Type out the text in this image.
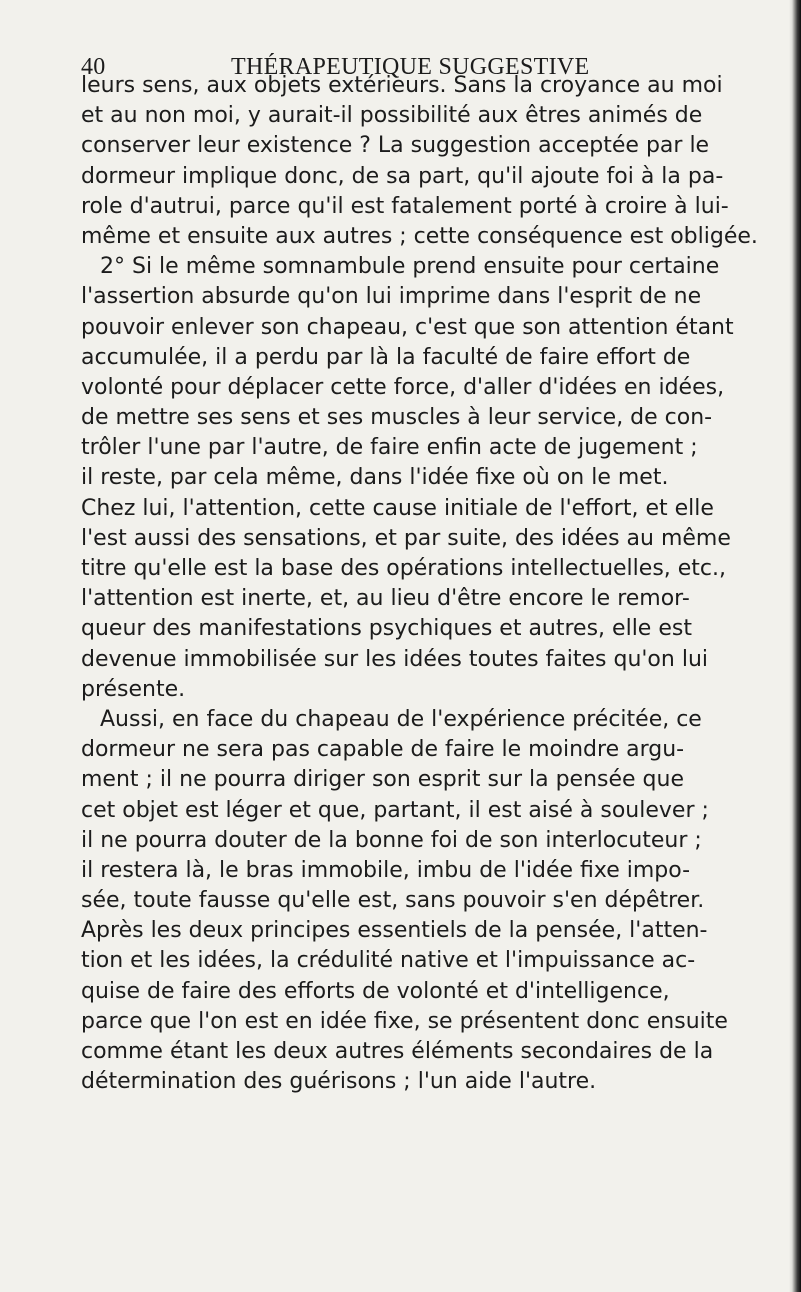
40	THÉRAPEUTIQUE SUGGESTIVE
leurs sens, aux objets extérieurs. Sans la croyance au moi
et au non moi, y aurait-il possibilité aux êtres animés de
conserver leur existence ? La suggestion acceptée par le
dormeur implique donc, de sa part, qu'il ajoute foi à la pa-
role d'autrui, parce qu'il est fatalement porté à croire à lui-
même et ensuite aux autres ; cette conséquence est obligée.
2° Si le même somnambule prend ensuite pour certaine
l'assertion absurde qu'on lui imprime dans l'esprit de ne
pouvoir enlever son chapeau, c'est que son attention étant
accumulée, il a perdu par là la faculté de faire effort de
volonté pour déplacer cette force, d'aller d'idées en idées,
de mettre ses sens et ses muscles à leur service, de con-
trôler l'une par l'autre, de faire enfin acte de jugement ;
il reste, par cela même, dans l'idée fixe où on le met.
Chez lui, l'attention, cette cause initiale de l'effort, et elle
l'est aussi des sensations, et par suite, des idées au même
titre qu'elle est la base des opérations intellectuelles, etc.,
l'attention est inerte, et, au lieu d'être encore le remor-
queur des manifestations psychiques et autres, elle est
devenue immobilisée sur les idées toutes faites qu'on lui
présente.
Aussi, en face du chapeau de l'expérience précitée, ce
dormeur ne sera pas capable de faire le moindre argu-
ment ; il ne pourra diriger son esprit sur la pensée que
cet objet est léger et que, partant, il est aisé à soulever ;
il ne pourra douter de la bonne foi de son interlocuteur ;
il restera là, le bras immobile, imbu de l'idée fixe impo-
sée, toute fausse qu'elle est, sans pouvoir s'en dépêtrer.
Après les deux principes essentiels de la pensée, l'atten-
tion et les idées, la crédulité native et l'impuissance ac-
quise de faire des efforts de volonté et d'intelligence,
parce que l'on est en idée fixe, se présentent donc ensuite
comme étant les deux autres éléments secondaires de la
détermination des guérisons ; l'un aide l'autre.
